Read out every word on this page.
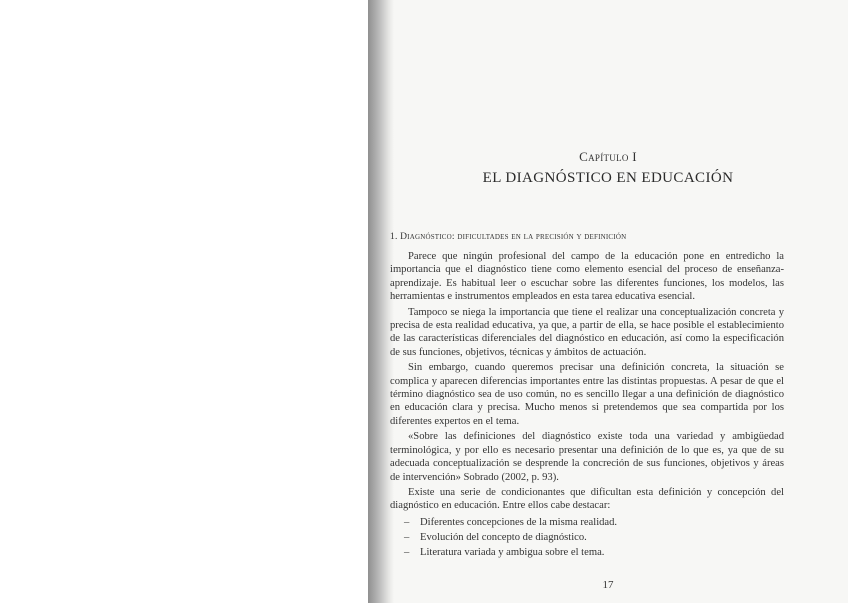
Capítulo I
EL DIAGNÓSTICO EN EDUCACIÓN
1. Diagnóstico: dificultades en la precisión y definición

Parece que ningún profesional del campo de la educación pone en entredicho la importancia que el diagnóstico tiene como elemento esencial del proceso de enseñanza-aprendizaje. Es habitual leer o escuchar sobre las diferentes funciones, los modelos, las herramientas e instrumentos empleados en esta tarea educativa esencial.

Tampoco se niega la importancia que tiene el realizar una conceptualización concreta y precisa de esta realidad educativa, ya que, a partir de ella, se hace posible el establecimiento de las características diferenciales del diagnóstico en educación, así como la especificación de sus funciones, objetivos, técnicas y ámbitos de actuación.

Sin embargo, cuando queremos precisar una definición concreta, la situación se complica y aparecen diferencias importantes entre las distintas propuestas. A pesar de que el término diagnóstico sea de uso común, no es sencillo llegar a una definición de diagnóstico en educación clara y precisa. Mucho menos si pretendemos que sea compartida por los diferentes expertos en el tema.

«Sobre las definiciones del diagnóstico existe toda una variedad y ambigüedad terminológica, y por ello es necesario presentar una definición de lo que es, ya que de su adecuada conceptualización se desprende la concreción de sus funciones, objetivos y áreas de intervención» Sobrado (2002, p. 93).

Existe una serie de condicionantes que dificultan esta definición y concepción del diagnóstico en educación. Entre ellos cabe destacar:

– Diferentes concepciones de la misma realidad.
– Evolución del concepto de diagnóstico.
– Literatura variada y ambigua sobre el tema.
17
